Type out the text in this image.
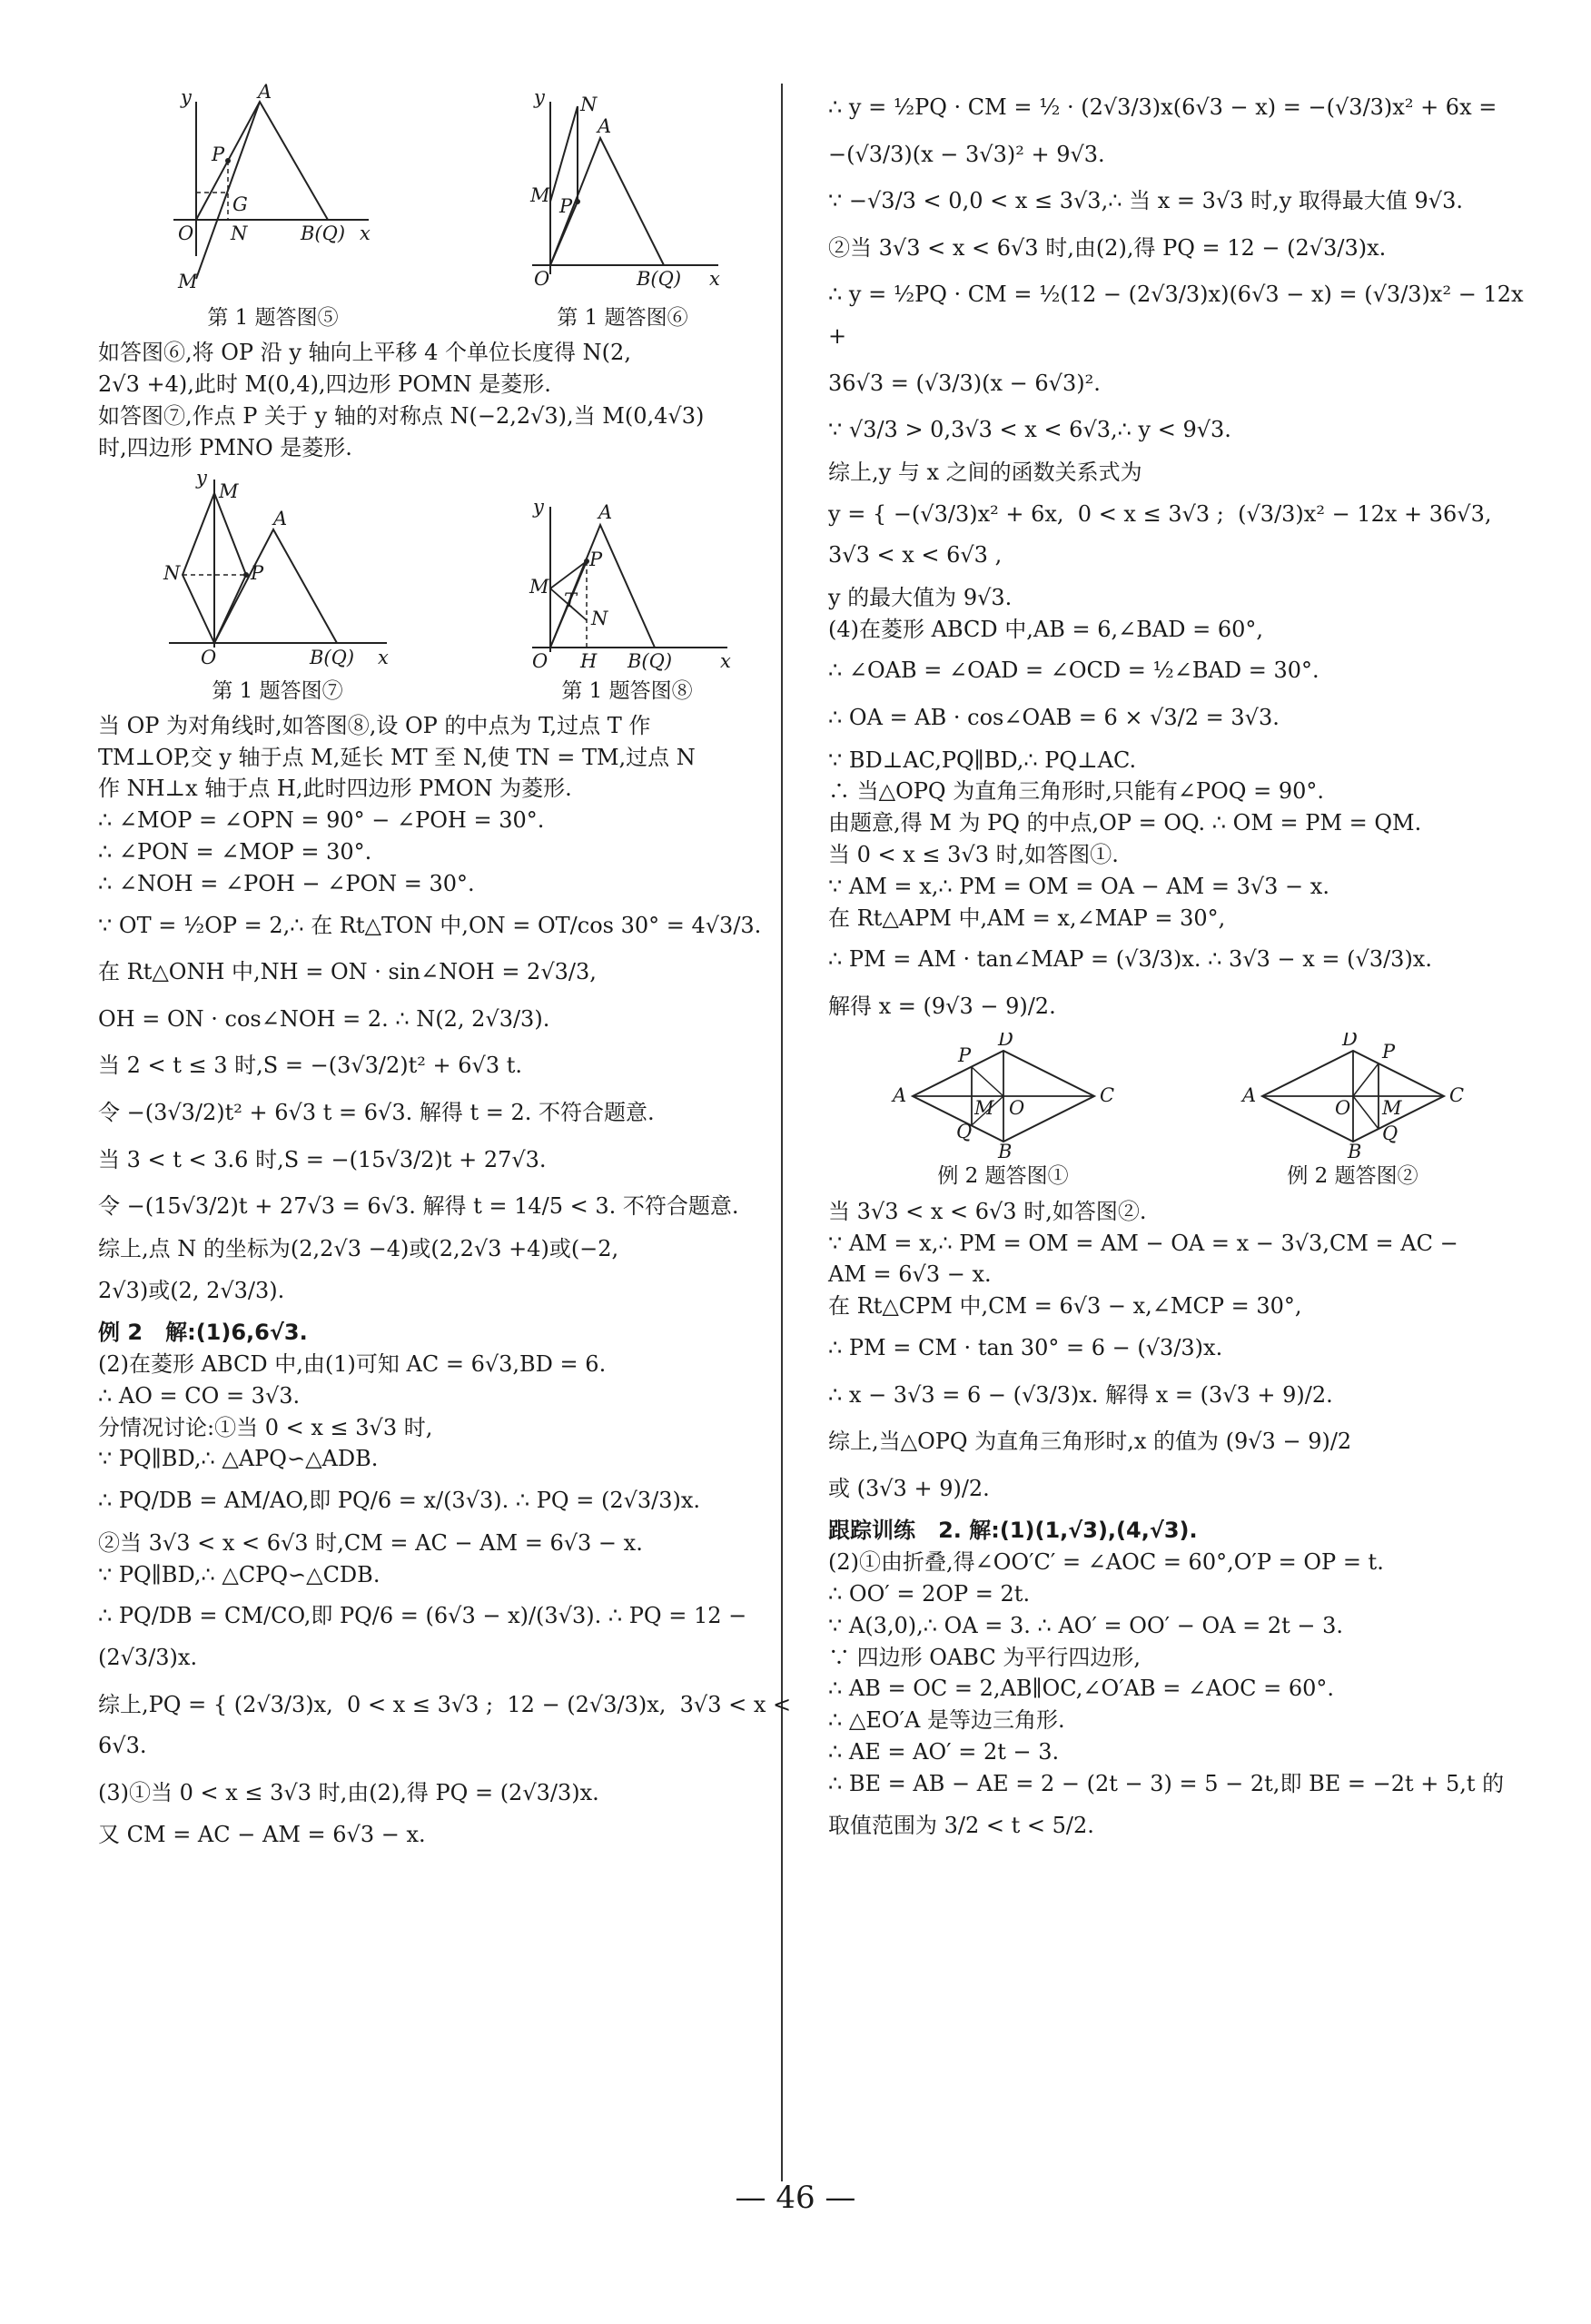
y	A
P
G
O N	B(Q) x
M
第 1 题答图⑤
y N
A
M P
O	B(Q) x
第 1 题答图⑥

如答图⑥,将 OP 沿 y 轴向上平移 4 个单位长度得 N(2,

2√3 +4),此时 M(0,4),四边形 POMN 是菱形.

如答图⑦,作点 P 关于 y 轴的对称点 N(−2,2√3),当 M(0,4√3)

时,四边形 PMNO 是菱形.

y
M
A
N	P
O	B(Q) x
第 1 题答图⑦
y	A
P
M
T
N
O H B(Q)	x
第 1 题答图⑧

当 OP 为对角线时,如答图⑧,设 OP 的中点为 T,过点 T 作

TM⊥OP,交 y 轴于点 M,延长 MT 至 N,使 TN = TM,过点 N

作 NH⊥x 轴于点 H,此时四边形 PMON 为菱形.

∴ ∠MOP = ∠OPN = 90° − ∠POH = 30°.

∴ ∠PON = ∠MOP = 30°.

∴ ∠NOH = ∠POH − ∠PON = 30°.

∵ OT = ½OP = 2,∴ 在 Rt△TON 中,ON = OT/cos 30° = 4√3/3.

在 Rt△ONH 中,NH = ON · sin∠NOH = 2√3/3,

OH = ON · cos∠NOH = 2. ∴ N(2, 2√3/3).

当 2 < t ≤ 3 时,S = −(3√3/2)t² + 6√3 t.

令 −(3√3/2)t² + 6√3 t = 6√3. 解得 t = 2. 不符合题意.

当 3 < t < 3.6 时,S = −(15√3/2)t + 27√3.

令 −(15√3/2)t + 27√3 = 6√3. 解得 t = 14/5 < 3. 不符合题意.

综上,点 N 的坐标为(2,2√3 −4)或(2,2√3 +4)或(−2,

2√3)或(2, 2√3/3).

例 2   解:(1)6,6√3.

(2)在菱形 ABCD 中,由(1)可知 AC = 6√3,BD = 6.

∴ AO = CO = 3√3.

分情况讨论:①当 0 < x ≤ 3√3 时,

∵ PQ∥BD,∴ △APQ∽△ADB.

∴ PQ/DB = AM/AO,即 PQ/6 = x/(3√3). ∴ PQ = (2√3/3)x.

②当 3√3 < x < 6√3 时,CM = AC − AM = 6√3 − x.

∵ PQ∥BD,∴ △CPQ∽△CDB.

∴ PQ/DB = CM/CO,即 PQ/6 = (6√3 − x)/(3√3). ∴ PQ = 12 − (2√3/3)x.

综上,PQ = { (2√3/3)x,  0 < x ≤ 3√3 ;  12 − (2√3/3)x,  3√3 < x < 6√3.

(3)①当 0 < x ≤ 3√3 时,由(2),得 PQ = (2√3/3)x.

又 CM = AC − AM = 6√3 − x.

∴ y = ½PQ · CM = ½ · (2√3/3)x(6√3 − x) = −(√3/3)x² + 6x =

−(√3/3)(x − 3√3)² + 9√3.

∵ −√3/3 < 0,0 < x ≤ 3√3,∴ 当 x = 3√3 时,y 取得最大值 9√3.

②当 3√3 < x < 6√3 时,由(2),得 PQ = 12 − (2√3/3)x.

∴ y = ½PQ · CM = ½(12 − (2√3/3)x)(6√3 − x) = (√3/3)x² − 12x +

36√3 = (√3/3)(x − 6√3)².

∵ √3/3 > 0,3√3 < x < 6√3,∴ y < 9√3.

综上,y 与 x 之间的函数关系式为

y = { −(√3/3)x² + 6x,  0 < x ≤ 3√3 ;  (√3/3)x² − 12x + 36√3,  3√3 < x < 6√3 ,

y 的最大值为 9√3.

(4)在菱形 ABCD 中,AB = 6,∠BAD = 60°,

∴ ∠OAB = ∠OAD = ∠OCD = ½∠BAD = 30°.

∴ OA = AB · cos∠OAB = 6 × √3/2 = 3√3.

∵ BD⊥AC,PQ∥BD,∴ PQ⊥AC.

∴ 当△OPQ 为直角三角形时,只能有∠POQ = 90°.

由题意,得 M 为 PQ 的中点,OP = OQ. ∴ OM = PM = QM.

当 0 < x ≤ 3√3 时,如答图①.

∵ AM = x,∴ PM = OM = OA − AM = 3√3 − x.

在 Rt△APM 中,AM = x,∠MAP = 30°,

∴ PM = AM · tan∠MAP = (√3/3)x. ∴ 3√3 − x = (√3/3)x.

解得 x = (9√3 − 9)/2.

A
P
D
C
M O
Q
B
例 2 题答图①
A
D
P
C
O M
Q
B
例 2 题答图②

当 3√3 < x < 6√3 时,如答图②.

∵ AM = x,∴ PM = OM = AM − OA = x − 3√3,CM = AC −

AM = 6√3 − x.

在 Rt△CPM 中,CM = 6√3 − x,∠MCP = 30°,

∴ PM = CM · tan 30° = 6 − (√3/3)x.

∴ x − 3√3 = 6 − (√3/3)x. 解得 x = (3√3 + 9)/2.

综上,当△OPQ 为直角三角形时,x 的值为 (9√3 − 9)/2

或 (3√3 + 9)/2.

跟踪训练   2. 解:(1)(1,√3),(4,√3).

(2)①由折叠,得∠OO′C′ = ∠AOC = 60°,O′P = OP = t.

∴ OO′ = 2OP = 2t.

∵ A(3,0),∴ OA = 3. ∴ AO′ = OO′ − OA = 2t − 3.

∵ 四边形 OABC 为平行四边形,

∴ AB = OC = 2,AB∥OC,∠O′AB = ∠AOC = 60°.

∴ △EO′A 是等边三角形.

∴ AE = AO′ = 2t − 3.

∴ BE = AB − AE = 2 − (2t − 3) = 5 − 2t,即 BE = −2t + 5,t 的

取值范围为 3/2 < t < 5/2.

— 46 —
